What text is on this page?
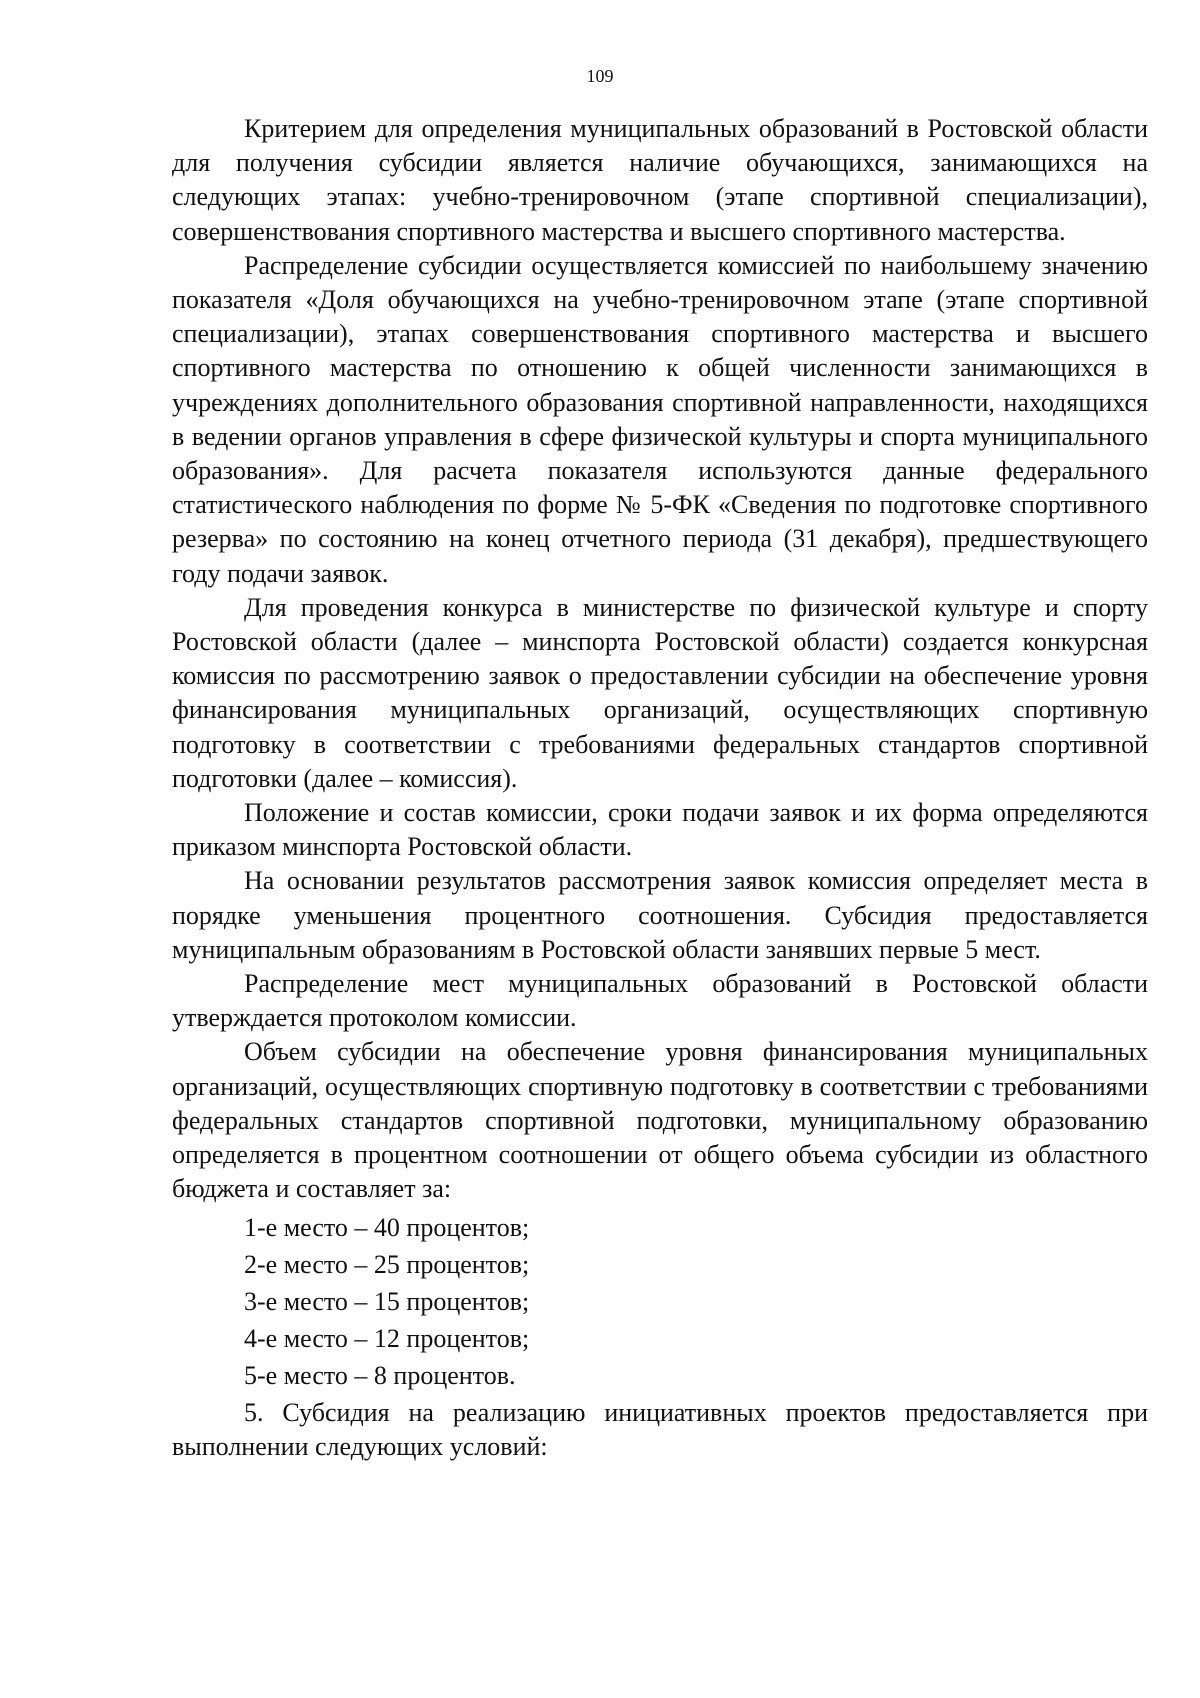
109

Критерием для определения муниципальных образований в Ростовской области для получения субсидии является наличие обучающихся, занимающихся на следующих этапах: учебно-тренировочном (этапе спортивной специализации), совершенствования спортивного мастерства и высшего спортивного мастерства.

Распределение субсидии осуществляется комиссией по наибольшему значению показателя «Доля обучающихся на учебно-тренировочном этапе (этапе спортивной специализации), этапах совершенствования спортивного мастерства и высшего спортивного мастерства по отношению к общей численности занимающихся в учреждениях дополнительного образования спортивной направленности, находящихся в ведении органов управления в сфере физической культуры и спорта муниципального образования». Для расчета показателя используются данные федерального статистического наблюдения по форме № 5-ФК «Сведения по подготовке спортивного резерва» по состоянию на конец отчетного периода (31 декабря), предшествующего году подачи заявок.

Для проведения конкурса в министерстве по физической культуре и спорту Ростовской области (далее – минспорта Ростовской области) создается конкурсная комиссия по рассмотрению заявок о предоставлении субсидии на обеспечение уровня финансирования муниципальных организаций, осуществляющих спортивную подготовку в соответствии с требованиями федеральных стандартов спортивной подготовки (далее – комиссия).

Положение и состав комиссии, сроки подачи заявок и их форма определяются приказом минспорта Ростовской области.

На основании результатов рассмотрения заявок комиссия определяет места в порядке уменьшения процентного соотношения. Субсидия предоставляется муниципальным образованиям в Ростовской области занявших первые 5 мест.

Распределение мест муниципальных образований в Ростовской области утверждается протоколом комиссии.

Объем субсидии на обеспечение уровня финансирования муниципальных организаций, осуществляющих спортивную подготовку в соответствии с требованиями федеральных стандартов спортивной подготовки, муниципальному образованию определяется в процентном соотношении от общего объема субсидии из областного бюджета и составляет за:

1-е место – 40 процентов;

2-е место – 25 процентов;

3-е место – 15 процентов;

4-е место – 12 процентов;

5-е место – 8 процентов.

5. Субсидия на реализацию инициативных проектов предоставляется при выполнении следующих условий:
